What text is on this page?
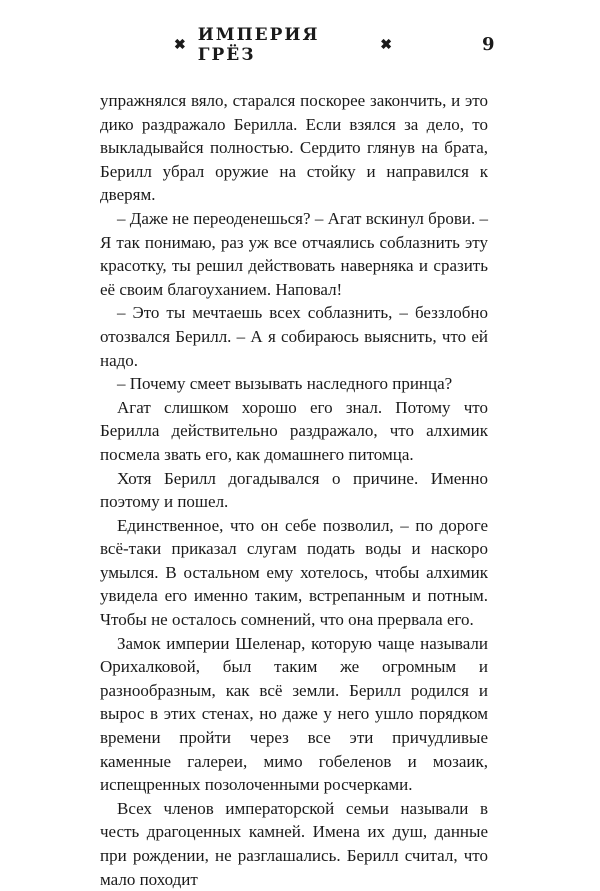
✖ ИМПЕРИЯ ГРЁЗ	✖	9

упражнялся вяло, старался поскорее закончить, и это дико раздражало Берилла. Если взялся за дело, то выкладывайся полностью. Сердито глянув на брата, Берилл убрал оружие на стойку и направился к дверям.

– Даже не переоденешься? – Агат вскинул брови. – Я так понимаю, раз уж все отчаялись соблазнить эту красотку, ты решил действовать наверняка и сразить её своим благоуханием. Наповал!

– Это ты мечтаешь всех соблазнить, – беззлобно отозвался Берилл. – А я собираюсь выяснить, что ей надо.

– Почему смеет вызывать наследного принца?

Агат слишком хорошо его знал. Потому что Берилла действительно раздражало, что алхимик посмела звать его, как домашнего питомца.

Хотя Берилл догадывался о причине. Именно поэтому и пошел.

Единственное, что он себе позволил, – по дороге всё-таки приказал слугам подать воды и наскоро умылся. В остальном ему хотелось, чтобы алхимик увидела его именно таким, встрепанным и потным. Чтобы не осталось сомнений, что она прервала его.

Замок империи Шеленар, которую чаще называли Орихалковой, был таким же огромным и разнообразным, как всё земли. Берилл родился и вырос в этих стенах, но даже у него ушло порядком времени пройти через все эти причудливые каменные галереи, мимо гобеленов и мозаик, испещренных позолоченными росчерками.

Всех членов императорской семьи называли в честь драгоценных камней. Имена их душ, данные при рождении, не разглашались. Берилл считал, что мало походит
